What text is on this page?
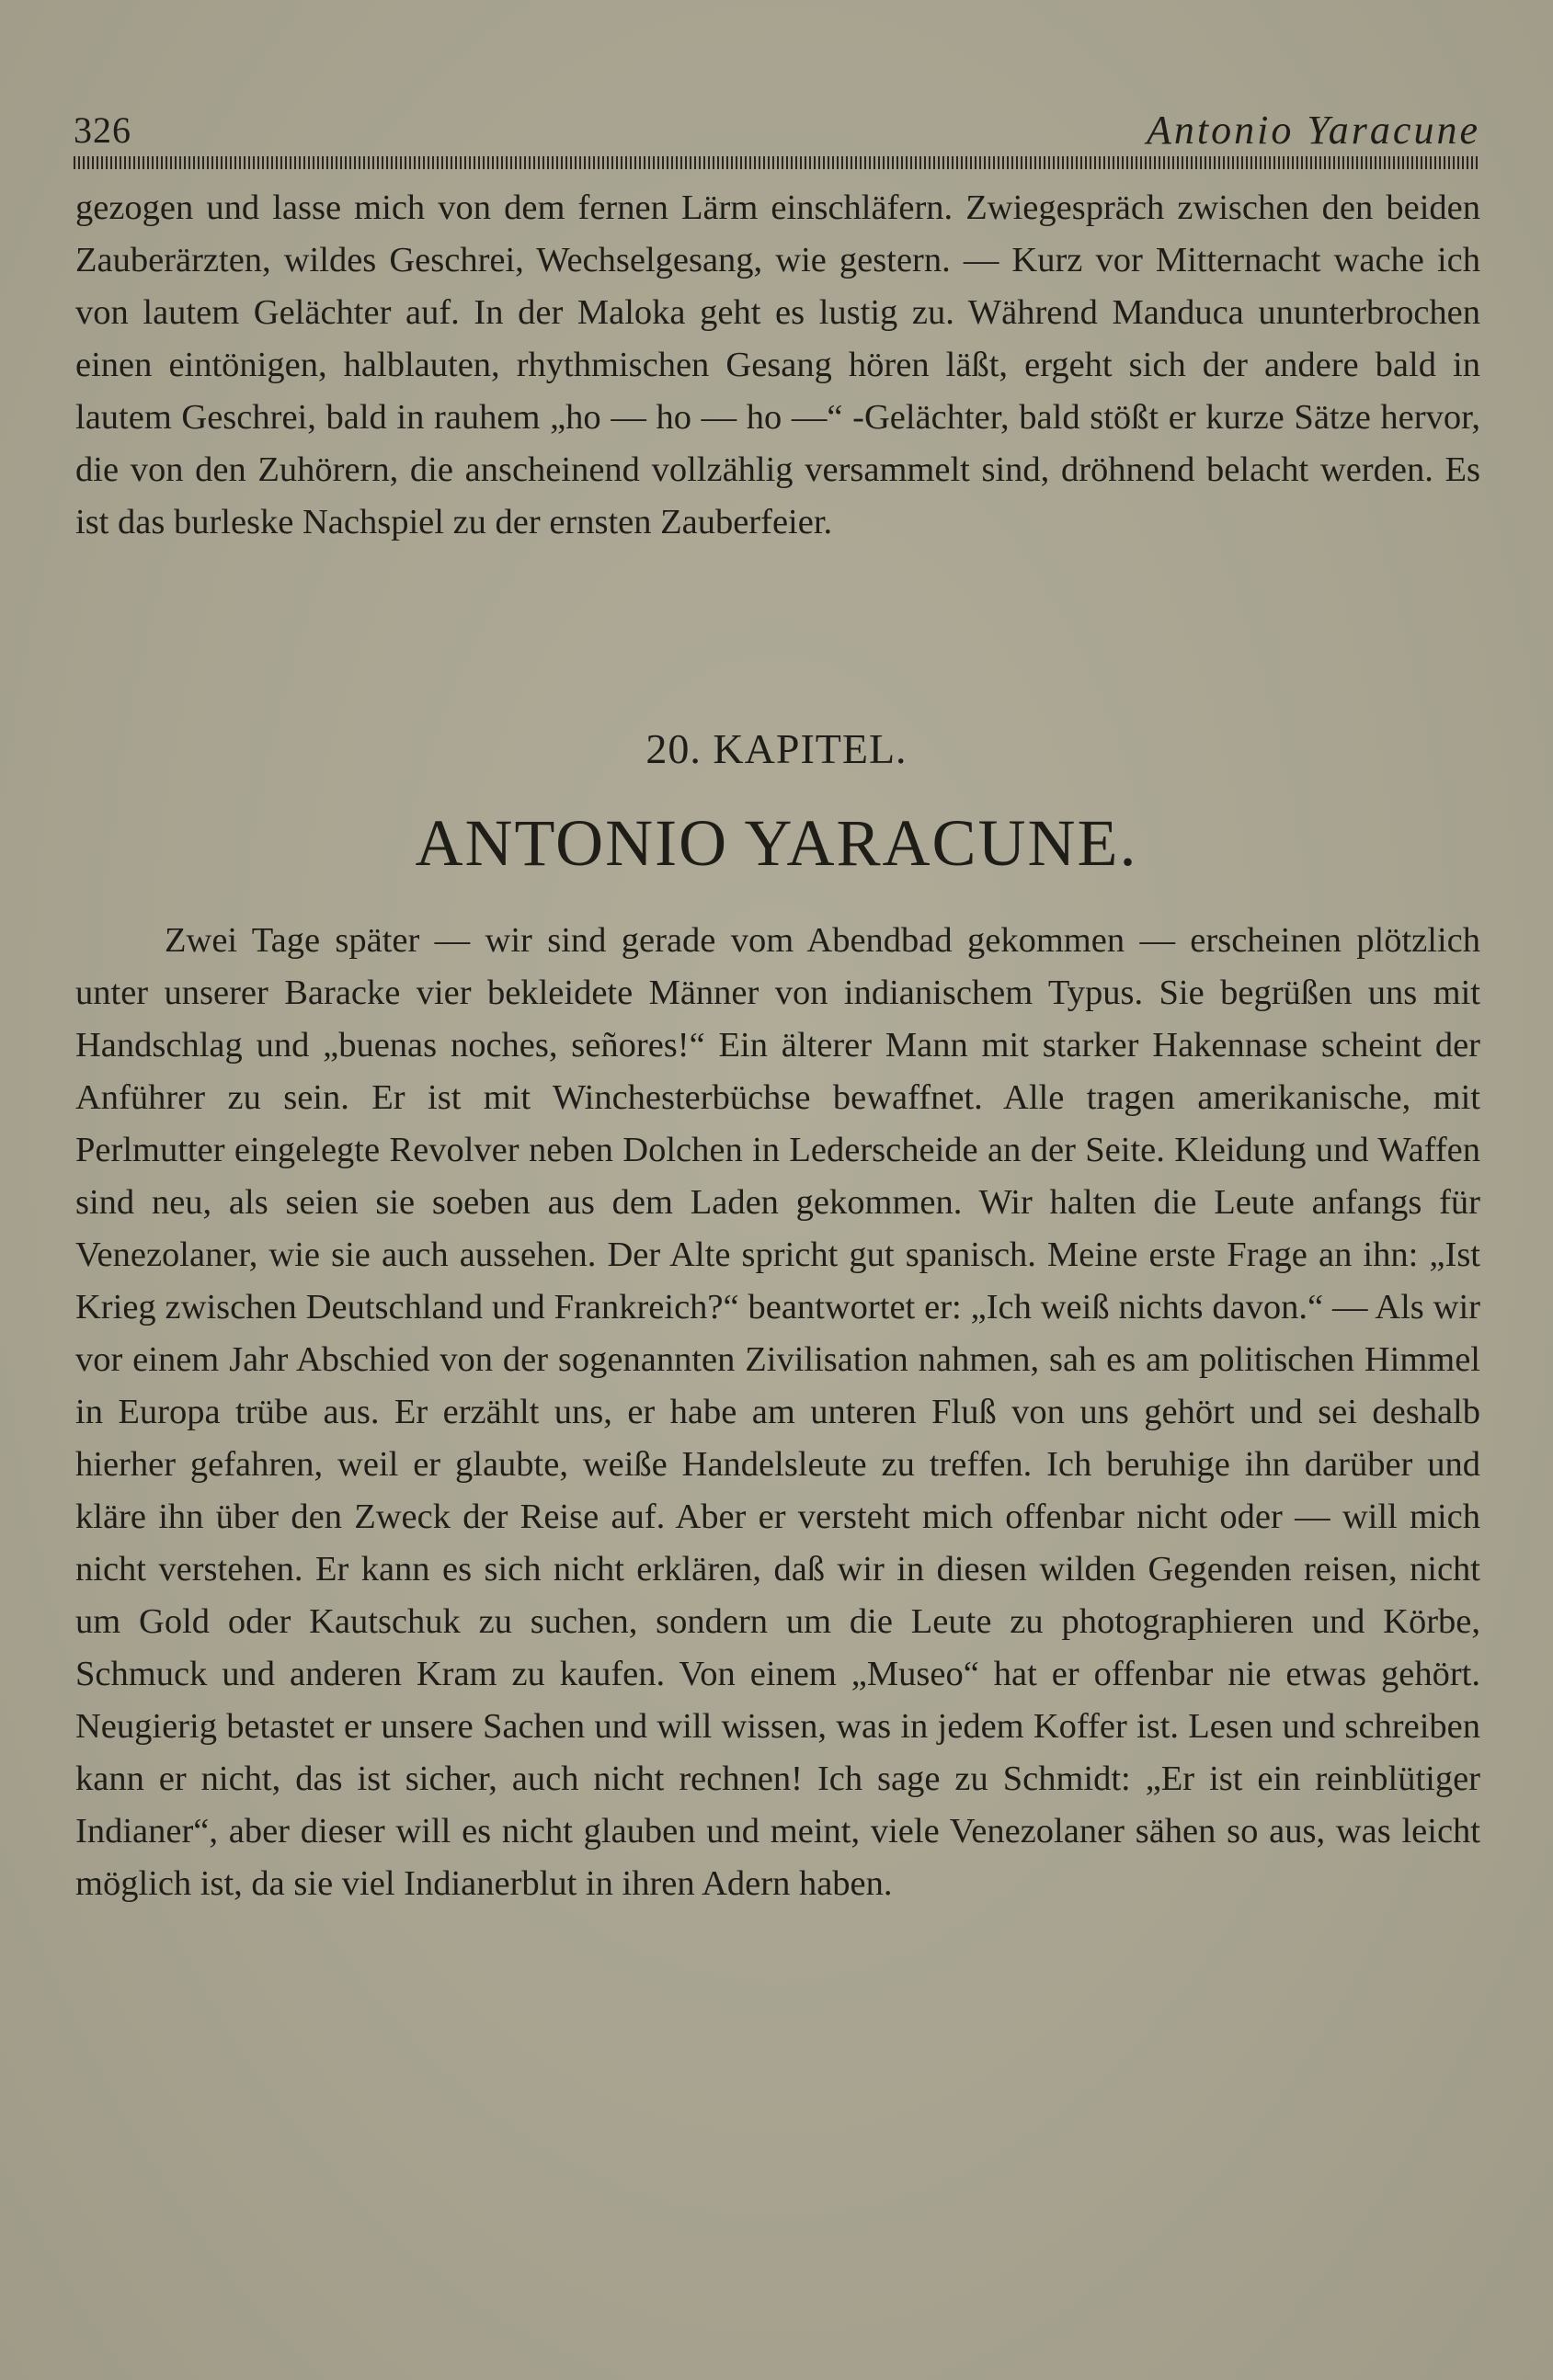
326	Antonio Yaracune

gezogen und lasse mich von dem fernen Lärm einschläfern. Zwiegespräch zwischen den beiden Zauberärzten, wildes Geschrei, Wechselgesang, wie gestern. — Kurz vor Mitternacht wache ich von lautem Gelächter auf. In der Maloka geht es lustig zu. Während Manduca ununterbrochen einen eintönigen, halblauten, rhythmischen Gesang hören läßt, ergeht sich der andere bald in lautem Geschrei, bald in rauhem „ho — ho — ho —“ -Gelächter, bald stößt er kurze Sätze hervor, die von den Zuhörern, die anscheinend vollzählig versammelt sind, dröhnend belacht werden. Es ist das burleske Nachspiel zu der ernsten Zauberfeier.

20. KAPITEL.
ANTONIO YARACUNE.

Zwei Tage später — wir sind gerade vom Abendbad gekommen — erscheinen plötzlich unter unserer Baracke vier bekleidete Männer von indianischem Typus. Sie begrüßen uns mit Handschlag und „buenas noches, señores!“ Ein älterer Mann mit starker Hakennase scheint der Anführer zu sein. Er ist mit Winchesterbüchse bewaffnet. Alle tragen amerikanische, mit Perlmutter eingelegte Revolver neben Dolchen in Lederscheide an der Seite. Kleidung und Waffen sind neu, als seien sie soeben aus dem Laden gekommen. Wir halten die Leute anfangs für Venezolaner, wie sie auch aussehen. Der Alte spricht gut spanisch. Meine erste Frage an ihn: „Ist Krieg zwischen Deutschland und Frankreich?“ beantwortet er: „Ich weiß nichts davon.“ — Als wir vor einem Jahr Abschied von der sogenannten Zivilisation nahmen, sah es am politischen Himmel in Europa trübe aus. Er erzählt uns, er habe am unteren Fluß von uns gehört und sei deshalb hierher gefahren, weil er glaubte, weiße Handelsleute zu treffen. Ich beruhige ihn darüber und kläre ihn über den Zweck der Reise auf. Aber er versteht mich offenbar nicht oder — will mich nicht verstehen. Er kann es sich nicht erklären, daß wir in diesen wilden Gegenden reisen, nicht um Gold oder Kautschuk zu suchen, sondern um die Leute zu photographieren und Körbe, Schmuck und anderen Kram zu kaufen. Von einem „Museo“ hat er offenbar nie etwas gehört. Neugierig betastet er unsere Sachen und will wissen, was in jedem Koffer ist. Lesen und schreiben kann er nicht, das ist sicher, auch nicht rechnen! Ich sage zu Schmidt: „Er ist ein reinblütiger Indianer“, aber dieser will es nicht glauben und meint, viele Venezolaner sähen so aus, was leicht möglich ist, da sie viel Indianerblut in ihren Adern haben.
